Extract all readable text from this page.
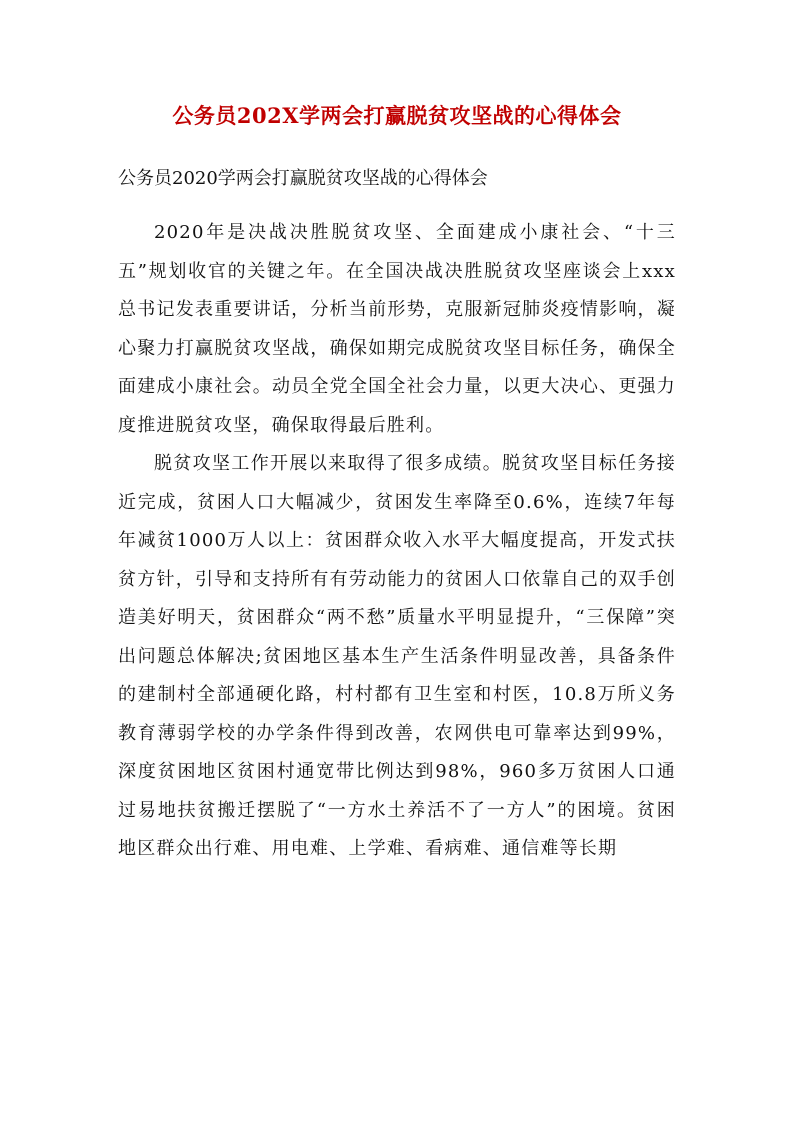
公务员202X学两会打赢脱贫攻坚战的心得体会

公务员2020学两会打赢脱贫攻坚战的心得体会

2020年是决战决胜脱贫攻坚、全面建成小康社会、“十三五”规划收官的关键之年。在全国决战决胜脱贫攻坚座谈会上xxx总书记发表重要讲话，分析当前形势，克服新冠肺炎疫情影响，凝心聚力打赢脱贫攻坚战，确保如期完成脱贫攻坚目标任务，确保全面建成小康社会。动员全党全国全社会力量，以更大决心、更强力度推进脱贫攻坚，确保取得最后胜利。

脱贫攻坚工作开展以来取得了很多成绩。脱贫攻坚目标任务接近完成，贫困人口大幅减少，贫困发生率降至0.6%，连续7年每年减贫1000万人以上：贫困群众收入水平大幅度提高，开发式扶贫方针，引导和支持所有有劳动能力的贫困人口依靠自己的双手创造美好明天，贫困群众“两不愁”质量水平明显提升，“三保障”突出问题总体解决;贫困地区基本生产生活条件明显改善，具备条件的建制村全部通硬化路，村村都有卫生室和村医，10.8万所义务教育薄弱学校的办学条件得到改善，农网供电可靠率达到99%，深度贫困地区贫困村通宽带比例达到98%，960多万贫困人口通过易地扶贫搬迁摆脱了“一方水土养活不了一方人”的困境。贫困地区群众出行难、用电难、上学难、看病难、通信难等长期
